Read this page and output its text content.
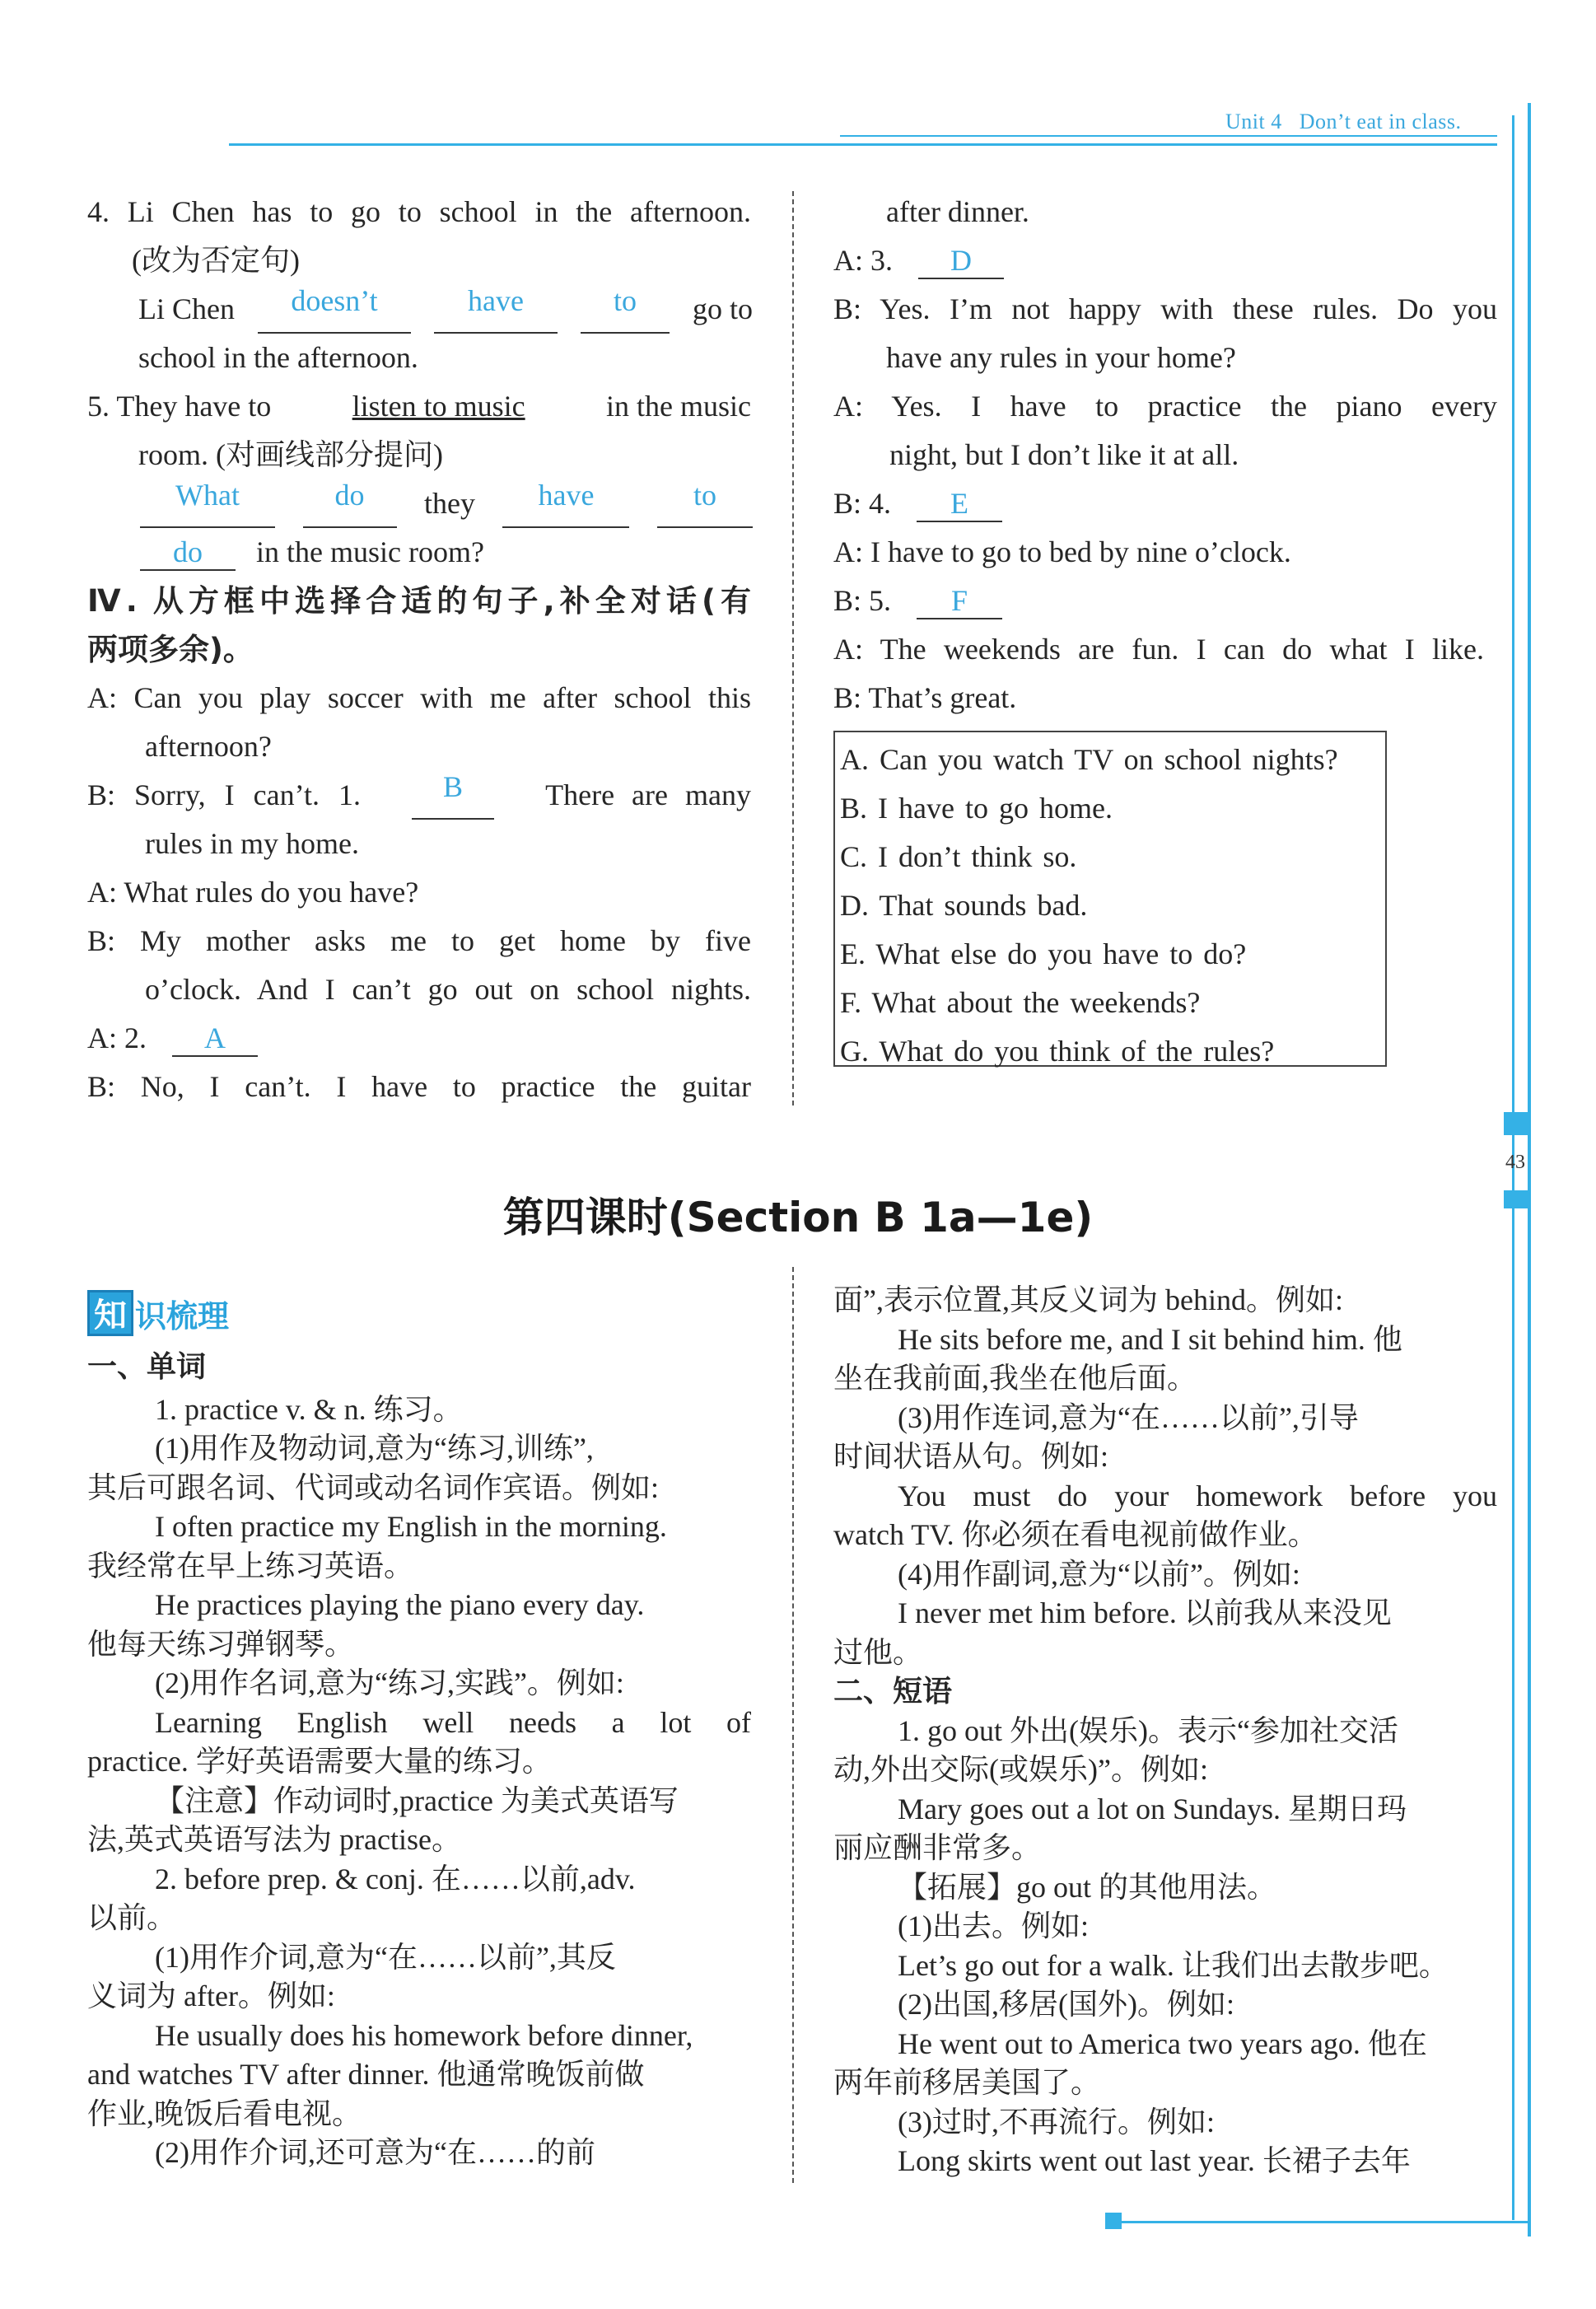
Unit 4   Don’t eat in class.
43
4. Li Chen has to go to school in the afternoon.
(改为否定句)
Li Chen	doesn’t	have	to	go to
school in the afternoon.
5. They have to listen to music in the music
room. (对画线部分提问)
What	do	they	have	to
do in the music room?
Ⅳ. 从方框中选择合适的句子,补全对话(有
两项多余)。
A: Can you play soccer with me after school this
afternoon?
B: Sorry, I can’t. 1.	B	There are many
rules in my home.
A: What rules do you have?
B: My mother asks me to get home by five
o’clock. And I can’t go out on school nights.
A: 2. A
B: No, I can’t. I have to practice the guitar
after dinner.
A: 3. D
B: Yes. I’m not happy with these rules. Do you
have any rules in your home?
A: Yes. I have to practice the piano every
night, but I don’t like it at all.
B: 4. E
A: I have to go to bed by nine o’clock.
B: 5. F
A: The weekends are fun. I can do what I like.
B: That’s great.
A. Can you watch TV on school nights?
B. I have to go home.
C. I don’t think so.
D. That sounds bad.
E. What else do you have to do?
F. What about the weekends?
G. What do you think of the rules?
第四课时(Section B 1a—1e)
知 识梳理
一、单词
1. practice v. & n. 练习。
(1)用作及物动词,意为“练习,训练”,
其后可跟名词、代词或动名词作宾语。例如:
I often practice my English in the morning.
我经常在早上练习英语。
He practices playing the piano every day.
他每天练习弹钢琴。
(2)用作名词,意为“练习,实践”。例如:
Learning English well needs a lot of
practice. 学好英语需要大量的练习。
【注意】作动词时,practice 为美式英语写
法,英式英语写法为 practise。
2. before prep. & conj. 在……以前,adv.
以前。
(1)用作介词,意为“在……以前”,其反
义词为 after。例如:
He usually does his homework before dinner,
and watches TV after dinner. 他通常晚饭前做
作业,晚饭后看电视。
(2)用作介词,还可意为“在……的前
面”,表示位置,其反义词为 behind。例如:
He sits before me, and I sit behind him. 他
坐在我前面,我坐在他后面。
(3)用作连词,意为“在……以前”,引导
时间状语从句。例如:
You must do your homework before you
watch TV. 你必须在看电视前做作业。
(4)用作副词,意为“以前”。例如:
I never met him before. 以前我从来没见
过他。
二、短语
1. go out 外出(娱乐)。表示“参加社交活
动,外出交际(或娱乐)”。例如:
Mary goes out a lot on Sundays. 星期日玛
丽应酬非常多。
【拓展】go out 的其他用法。
(1)出去。例如:
Let’s go out for a walk. 让我们出去散步吧。
(2)出国,移居(国外)。例如:
He went out to America two years ago. 他在
两年前移居美国了。
(3)过时,不再流行。例如:
Long skirts went out last year. 长裙子去年
